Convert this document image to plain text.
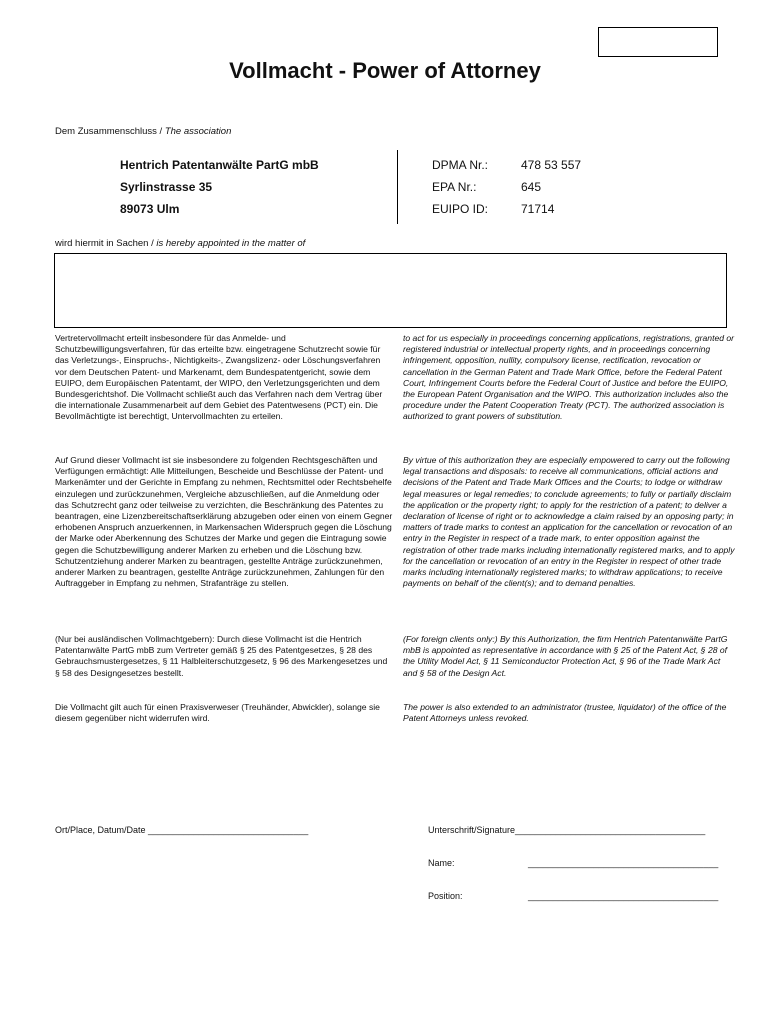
Vollmacht - Power of Attorney
Dem Zusammenschluss / The association
Hentrich Patentanwälte PartG mbB
Syrlinstrasse 35
89073 Ulm
DPMA Nr.:	478 53 557
EPA Nr.:	645
EUIPO ID:	71714
wird hiermit in Sachen / is hereby appointed in the matter of
Vertretervollmacht erteilt insbesondere für das Anmelde- und Schutzbewilligungsverfahren, für das erteilte bzw. eingetragene Schutzrecht sowie für das Verletzungs-, Einspruchs-, Nichtigkeits-, Zwangslizenz- oder Löschungsverfahren vor dem Deutschen Patent- und Markenamt, dem Bundespatentgericht, sowie dem EUIPO, dem Europäischen Patentamt, der WIPO, den Verletzungsgerichten und dem Bundesgerichtshof. Die Vollmacht schließt auch das Verfahren nach dem Vertrag über die internationale Zusammenarbeit auf dem Gebiet des Patentwesens (PCT) ein. Die Bevollmächtigte ist berechtigt, Untervollmachten zu erteilen.
to act for us especially in proceedings concerning applications, registrations, granted or registered industrial or intellectual property rights, and in proceedings concerning infringement, opposition, nullity, compulsory license, rectification, revocation or cancellation in the German Patent and Trade Mark Office, before the Federal Patent Court, Infringement Courts before the Federal Court of Justice and before the EUIPO, the European Patent Organisation and the WIPO. This authorization includes also the procedure under the Patent Cooperation Treaty (PCT). The authorized association is authorized to grant powers of substitution.
Auf Grund dieser Vollmacht ist sie insbesondere zu folgenden Rechtsgeschäften und Verfügungen ermächtigt: Alle Mitteilungen, Bescheide und Beschlüsse der Patent- und Markenämter und der Gerichte in Empfang zu nehmen, Rechtsmittel oder Rechtsbehelfe einzulegen und zurückzunehmen, Vergleiche abzuschließen, auf die Anmeldung oder das Schutzrecht ganz oder teilweise zu verzichten, die Beschränkung des Patentes zu beantragen, eine Lizenzbereitschaftserklärung abzugeben oder einen von einem Gegner erhobenen Anspruch anzuerkennen, in Markensachen Widerspruch gegen die Löschung der Marke oder Aberkennung des Schutzes der Marke und gegen die Eintragung sowie gegen die Schutzbewilligung anderer Marken zu erheben und die Löschung bzw. Schutzentziehung anderer Marken zu beantragen, gestellte Anträge zurückzunehmen, anderer Marken zu beantragen, gestellte Anträge zurückzunehmen, Zahlungen für den Auftraggeber in Empfang zu nehmen, Strafanträge zu stellen.
By virtue of this authorization they are especially empowered to carry out the following legal transactions and disposals: to receive all communications, official actions and decisions of the Patent and Trade Mark Offices and the Courts; to lodge or withdraw legal measures or legal remedies; to conclude agreements; to fully or partially disclaim the application or the property right; to apply for the restriction of a patent; to deliver a declaration of license of right or to acknowledge a claim raised by an opposing party; in matters of trade marks to contest an application for the cancellation or revocation of an entry in the Register in respect of a trade mark, to enter opposition against the registration of other trade marks including internationally registered marks, and to apply for the cancellation or revocation of an entry in the Register in respect of other trade marks including internationally registered marks; to withdraw applications; to receive payments on behalf of the client(s); and to demand penalties.
(Nur bei ausländischen Vollmachtgebern): Durch diese Vollmacht ist die Hentrich Patentanwälte PartG mbB zum Vertreter gemäß § 25 des Patentgesetzes, § 28 des Gebrauchsmustergesetzes, § 11 Halbleiterschutzgesetz, § 96 des Markengesetzes und § 58 des Designgesetzes bestellt.
(For foreign clients only:) By this Authorization, the firm Hentrich Patentanwälte PartG mbB is appointed as representative in accordance with § 25 of the Patent Act, § 28 of the Utility Model Act, § 11 Semiconductor Protection Act, § 96 of the Trade Mark Act and § 58 of the Design Act.
Die Vollmacht gilt auch für einen Praxisverweser (Treuhänder, Abwickler), solange sie diesem gegenüber nicht widerrufen wird.
The power is also extended to an administrator (trustee, liquidator) of the office of the Patent Attorneys unless revoked.
Ort/Place, Datum/Date ________________________________	Unterschrift/Signature______________________________________
Name:	______________________________________
Position:	______________________________________
